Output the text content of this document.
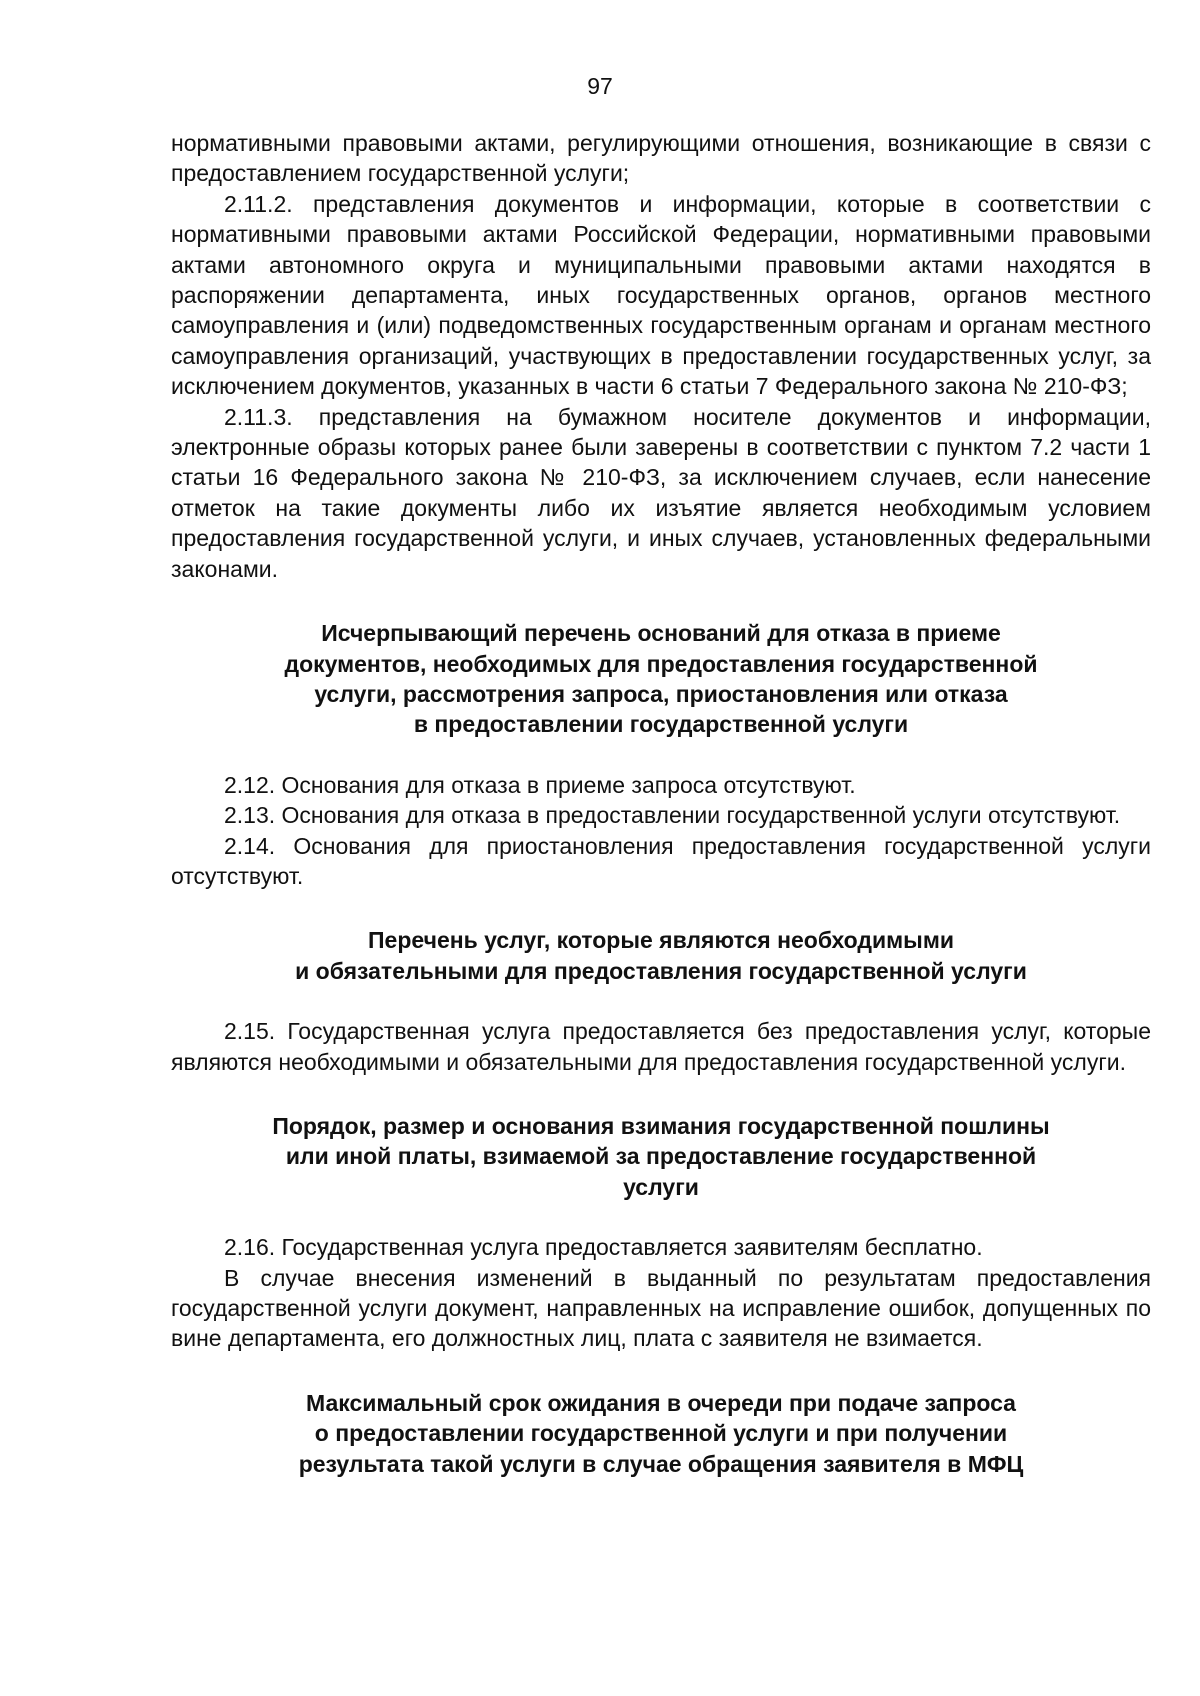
97

нормативными правовыми актами, регулирующими отношения, возникающие в связи с предоставлением государственной услуги;

2.11.2. представления документов и информации, которые в соответствии с нормативными правовыми актами Российской Федерации, нормативными правовыми актами автономного округа и муниципальными правовыми актами находятся в распоряжении департамента, иных государственных органов, органов местного самоуправления и (или) подведомственных государственным органам и органам местного самоуправления организаций, участвующих в предоставлении государственных услуг, за исключением документов, указанных в части 6 статьи 7 Федерального закона № 210-ФЗ;

2.11.3. представления на бумажном носителе документов и информации, электронные образы которых ранее были заверены в соответствии с пунктом 7.2 части 1 статьи 16 Федерального закона № 210-ФЗ, за исключением случаев, если нанесение отметок на такие документы либо их изъятие является необходимым условием предоставления государственной услуги, и иных случаев, установленных федеральными законами.

Исчерпывающий перечень оснований для отказа в приеме

документов, необходимых для предоставления государственной

услуги, рассмотрения запроса, приостановления или отказа

в предоставлении государственной услуги

2.12. Основания для отказа в приеме запроса отсутствуют.

2.13. Основания для отказа в предоставлении государственной услуги отсутствуют.

2.14. Основания для приостановления предоставления государственной услуги отсутствуют.

Перечень услуг, которые являются необходимыми

и обязательными для предоставления государственной услуги

2.15. Государственная услуга предоставляется без предоставления услуг, которые являются необходимыми и обязательными для предоставления государственной услуги.

Порядок, размер и основания взимания государственной пошлины

или иной платы, взимаемой за предоставление государственной

услуги

2.16. Государственная услуга предоставляется заявителям бесплатно.

В случае внесения изменений в выданный по результатам предоставления государственной услуги документ, направленных на исправление ошибок, допущенных по вине департамента, его должностных лиц, плата с заявителя не взимается.

Максимальный срок ожидания в очереди при подаче запроса

о предоставлении государственной услуги и при получении

результата такой услуги в случае обращения заявителя в МФЦ
